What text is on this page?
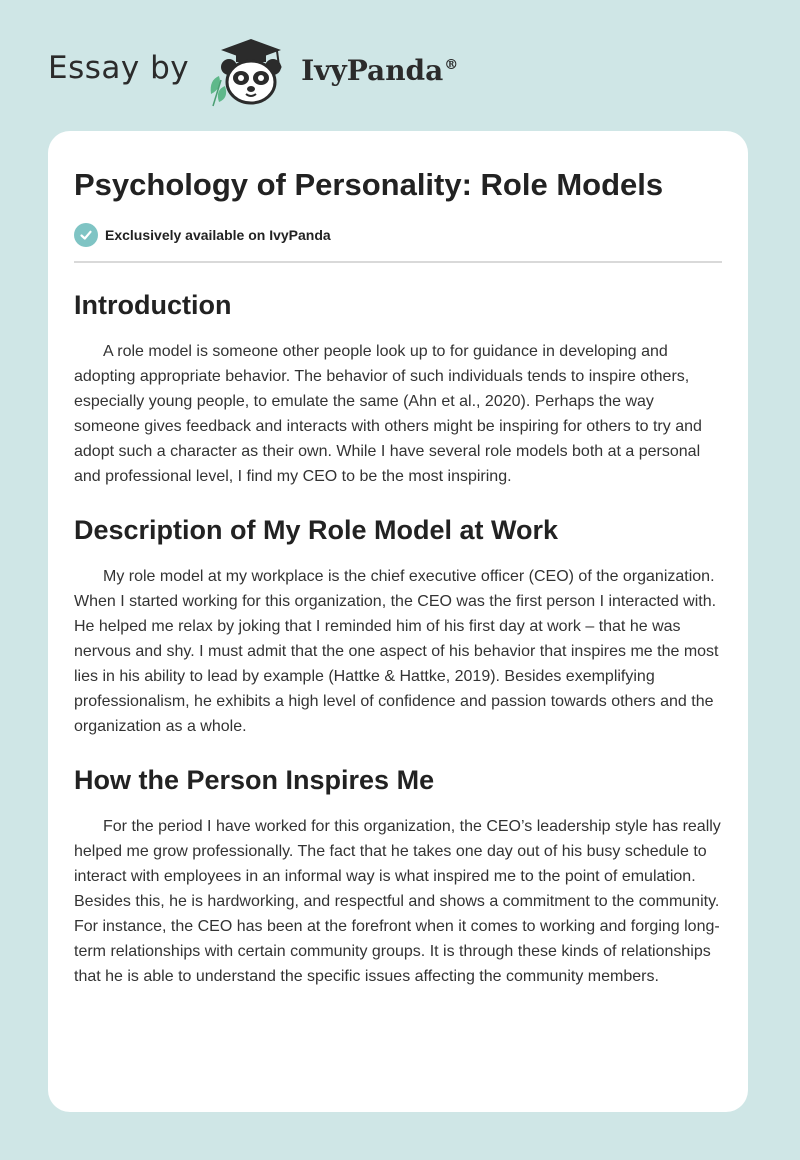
Essay by	IvyPanda®
Psychology of Personality: Role Models
Exclusively available on IvyPanda
Introduction

A role model is someone other people look up to for guidance in developing and adopting appropriate behavior. The behavior of such individuals tends to inspire others, especially young people, to emulate the same (Ahn et al., 2020). Perhaps the way someone gives feedback and interacts with others might be inspiring for others to try and adopt such a character as their own. While I have several role models both at a personal and professional level, I find my CEO to be the most inspiring.

Description of My Role Model at Work

My role model at my workplace is the chief executive officer (CEO) of the organization. When I started working for this organization, the CEO was the first person I interacted with. He helped me relax by joking that I reminded him of his first day at work – that he was nervous and shy. I must admit that the one aspect of his behavior that inspires me the most lies in his ability to lead by example (Hattke & Hattke, 2019). Besides exemplifying professionalism, he exhibits a high level of confidence and passion towards others and the organization as a whole.

How the Person Inspires Me

For the period I have worked for this organization, the CEO’s leadership style has really helped me grow professionally. The fact that he takes one day out of his busy schedule to interact with employees in an informal way is what inspired me to the point of emulation. Besides this, he is hardworking, and respectful and shows a commitment to the community. For instance, the CEO has been at the forefront when it comes to working and forging long-term relationships with certain community groups. It is through these kinds of relationships that he is able to understand the specific issues affecting the community members.
